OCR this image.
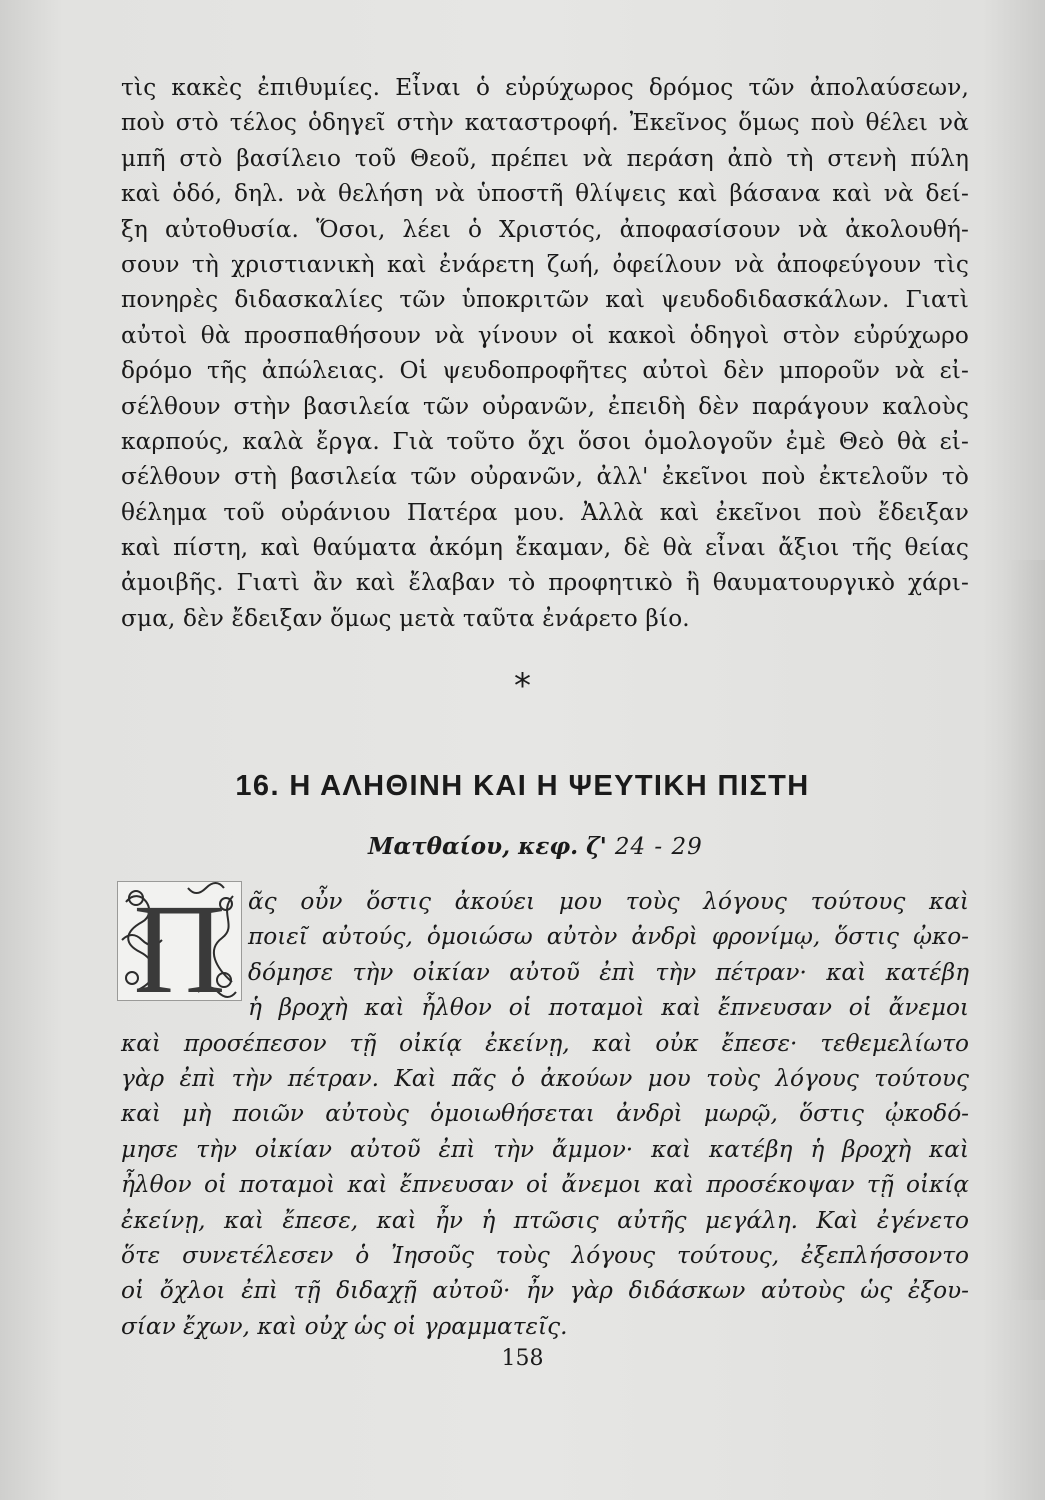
τὶς κακὲς ἐπιθυμίες. Εἶναι ὁ εὐρύχωρος δρόμος τῶν ἀπολαύσεων,
ποὺ στὸ τέλος ὁδηγεῖ στὴν καταστροφή. Ἐκεῖνος ὅμως ποὺ θέλει νὰ
μπῆ στὸ βασίλειο τοῦ Θεοῦ, πρέπει νὰ περάση ἀπὸ τὴ στενὴ πύλη
καὶ ὁδό, δηλ. νὰ θελήση νὰ ὑποστῆ θλίψεις καὶ βάσανα καὶ νὰ δεί-
ξη αὐτοθυσία. Ὅσοι, λέει ὁ Χριστός, ἀποφασίσουν νὰ ἀκολουθή-
σουν τὴ χριστιανικὴ καὶ ἐνάρετη ζωή, ὀφείλουν νὰ ἀποφεύγουν τὶς
πονηρὲς διδασκαλίες τῶν ὑποκριτῶν καὶ ψευδοδιδασκάλων. Γιατὶ
αὐτοὶ θὰ προσπαθήσουν νὰ γίνουν οἱ κακοὶ ὁδηγοὶ στὸν εὐρύχωρο
δρόμο τῆς ἀπώλειας. Οἱ ψευδοπροφῆτες αὐτοὶ δὲν μποροῦν νὰ εἰ-
σέλθουν στὴν βασιλεία τῶν οὐρανῶν, ἐπειδὴ δὲν παράγουν καλοὺς
καρπούς, καλὰ ἔργα. Γιὰ τοῦτο ὄχι ὅσοι ὁμολογοῦν ἐμὲ Θεὸ θὰ εἰ-
σέλθουν στὴ βασιλεία τῶν οὐρανῶν, ἀλλ' ἐκεῖνοι ποὺ ἐκτελοῦν τὸ
θέλημα τοῦ οὐράνιου Πατέρα μου. Ἀλλὰ καὶ ἐκεῖνοι ποὺ ἔδειξαν
καὶ πίστη, καὶ θαύματα ἀκόμη ἔκαμαν, δὲ θὰ εἶναι ἄξιοι τῆς θείας
ἀμοιβῆς. Γιατὶ ἂν καὶ ἔλαβαν τὸ προφητικὸ ἢ θαυματουργικὸ χάρι-
σμα, δὲν ἔδειξαν ὅμως μετὰ ταῦτα ἐνάρετο βίο.
*
16. Η ΑΛΗΘΙΝΗ ΚΑΙ Η ΨΕΥΤΙΚΗ ΠΙΣΤΗ
Ματθαίου, κεφ. ζ' 24 - 29
Π ᾶς οὖν ὅστις ἀκούει μου τοὺς λόγους τούτους καὶ
ποιεῖ αὐτούς, ὁμοιώσω αὐτὸν ἀνδρὶ φρονίμῳ, ὅστις ᾠκο-
δόμησε τὴν οἰκίαν αὐτοῦ ἐπὶ τὴν πέτραν· καὶ κατέβη
ἡ βροχὴ καὶ ἦλθον οἱ ποταμοὶ καὶ ἔπνευσαν οἱ ἄνεμοι
καὶ προσέπεσον τῇ οἰκίᾳ ἐκείνῃ, καὶ οὐκ ἔπεσε· τεθεμελίωτο
γὰρ ἐπὶ τὴν πέτραν. Καὶ πᾶς ὁ ἀκούων μου τοὺς λόγους τούτους
καὶ μὴ ποιῶν αὐτοὺς ὁμοιωθήσεται ἀνδρὶ μωρῷ, ὅστις ᾠκοδό-
μησε τὴν οἰκίαν αὐτοῦ ἐπὶ τὴν ἄμμον· καὶ κατέβη ἡ βροχὴ καὶ
ἦλθον οἱ ποταμοὶ καὶ ἔπνευσαν οἱ ἄνεμοι καὶ προσέκοψαν τῇ οἰκίᾳ
ἐκείνῃ, καὶ ἔπεσε, καὶ ἦν ἡ πτῶσις αὐτῆς μεγάλη. Καὶ ἐγένετο
ὅτε συνετέλεσεν ὁ Ἰησοῦς τοὺς λόγους τούτους, ἐξεπλήσσοντο
οἱ ὄχλοι ἐπὶ τῇ διδαχῇ αὐτοῦ· ἦν γὰρ διδάσκων αὐτοὺς ὡς ἐξου-
σίαν ἔχων, καὶ οὐχ ὡς οἱ γραμματεῖς.
158
